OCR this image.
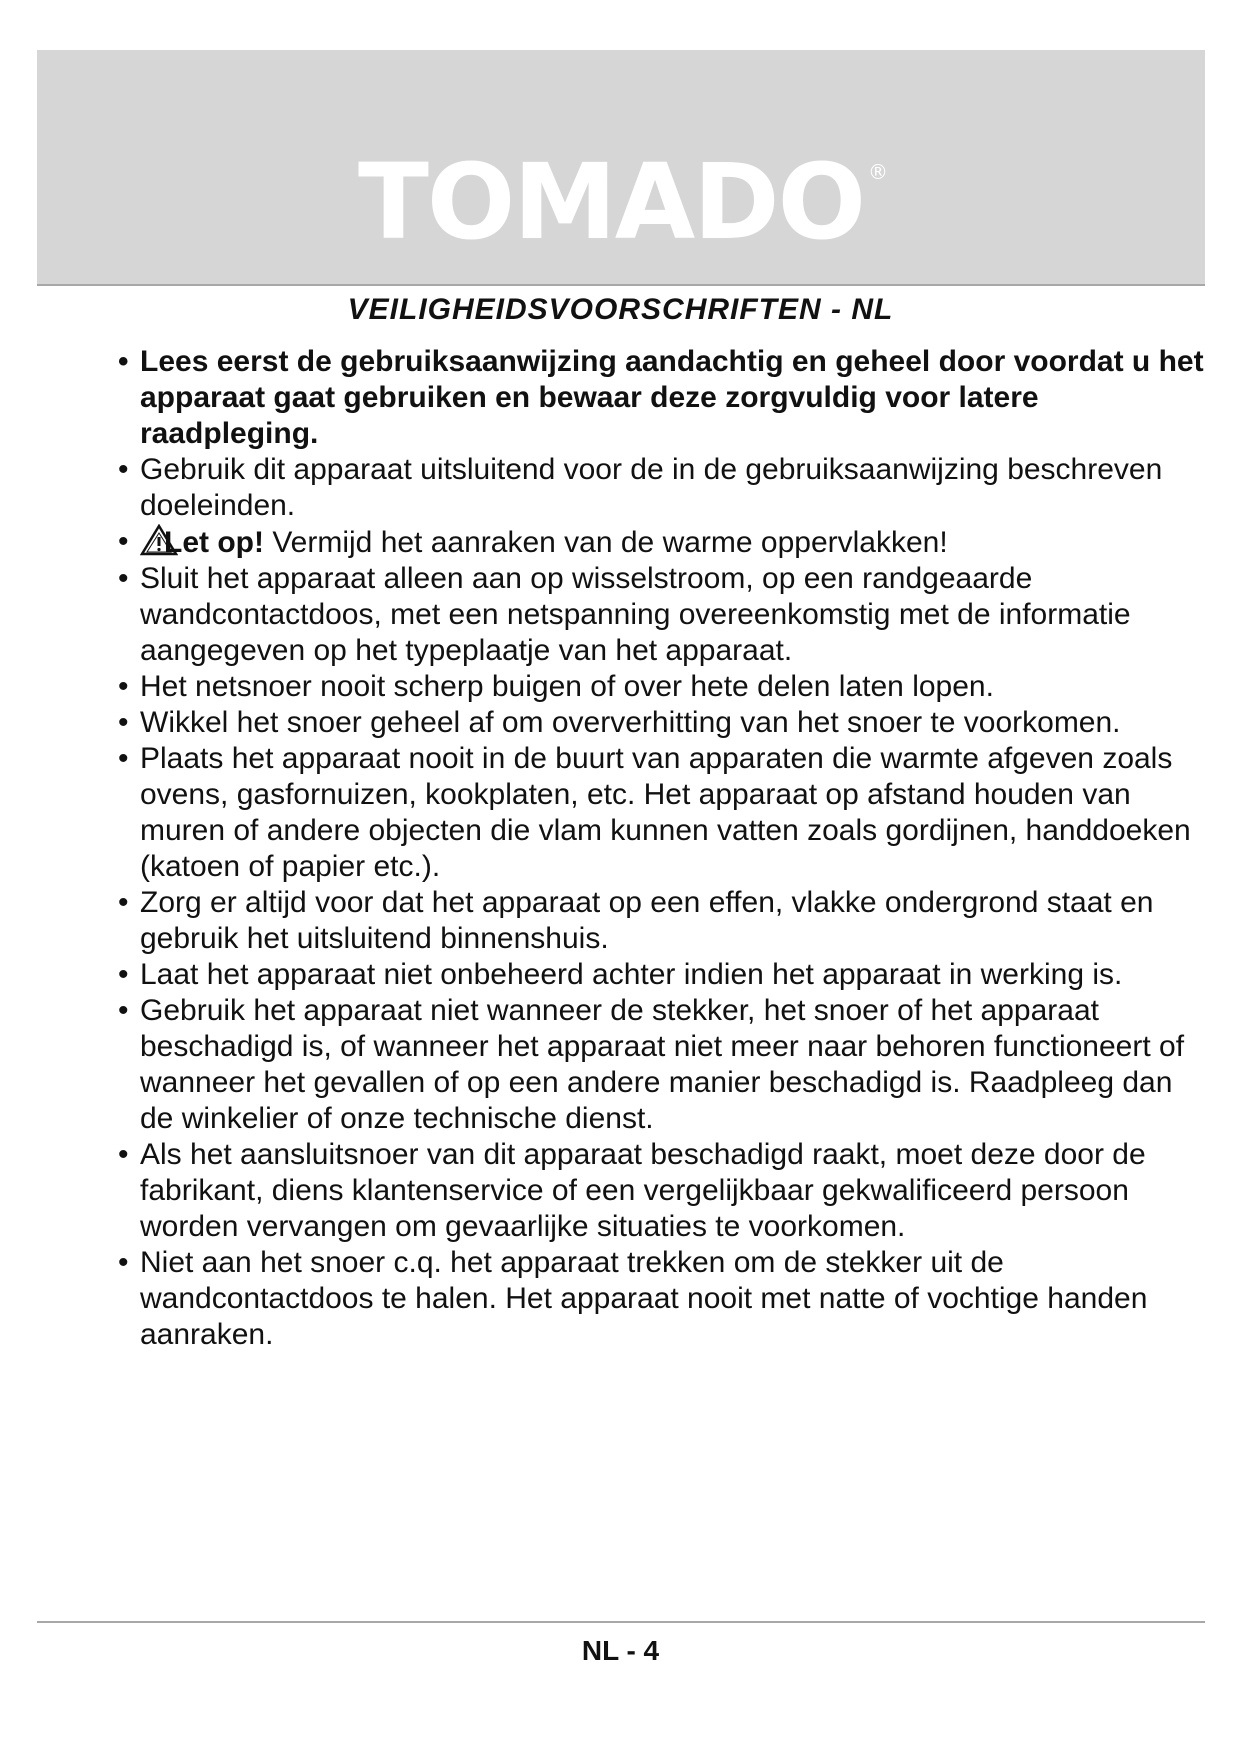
TOMADO ®
VEILIGHEIDSVOORSCHRIFTEN - NL
• Lees eerst de gebruiksaanwijzing aandachtig en geheel door voordat u het apparaat gaat gebruiken en bewaar deze zorgvuldig voor latere raadpleging.
• Gebruik dit apparaat uitsluitend voor de in de gebruiksaanwijzing beschreven doeleinden.
• Let op! Vermijd het aanraken van de warme oppervlakken!
• Sluit het apparaat alleen aan op wisselstroom, op een randgeaarde wandcontactdoos, met een netspanning overeenkomstig met de informatie aangegeven op het typeplaatje van het apparaat.
• Het netsnoer nooit scherp buigen of over hete delen laten lopen.
• Wikkel het snoer geheel af om oververhitting van het snoer te voorkomen.
• Plaats het apparaat nooit in de buurt van apparaten die warmte afgeven zoals ovens, gasfornuizen, kookplaten, etc. Het apparaat op afstand houden van muren of andere objecten die vlam kunnen vatten zoals gordijnen, handdoeken (katoen of papier etc.).
• Zorg er altijd voor dat het apparaat op een effen, vlakke ondergrond staat en gebruik het uitsluitend binnenshuis.
• Laat het apparaat niet onbeheerd achter indien het apparaat in werking is.
• Gebruik het apparaat niet wanneer de stekker, het snoer of het apparaat beschadigd is, of wanneer het apparaat niet meer naar behoren functioneert of wanneer het gevallen of op een andere manier beschadigd is. Raadpleeg dan de winkelier of onze technische dienst.
• Als het aansluitsnoer van dit apparaat beschadigd raakt, moet deze door de fabrikant, diens klantenservice of een vergelijkbaar gekwalificeerd persoon worden vervangen om gevaarlijke situaties te voorkomen.
• Niet aan het snoer c.q. het apparaat trekken om de stekker uit de wandcontactdoos te halen. Het apparaat nooit met natte of vochtige handen aanraken.
NL - 4
